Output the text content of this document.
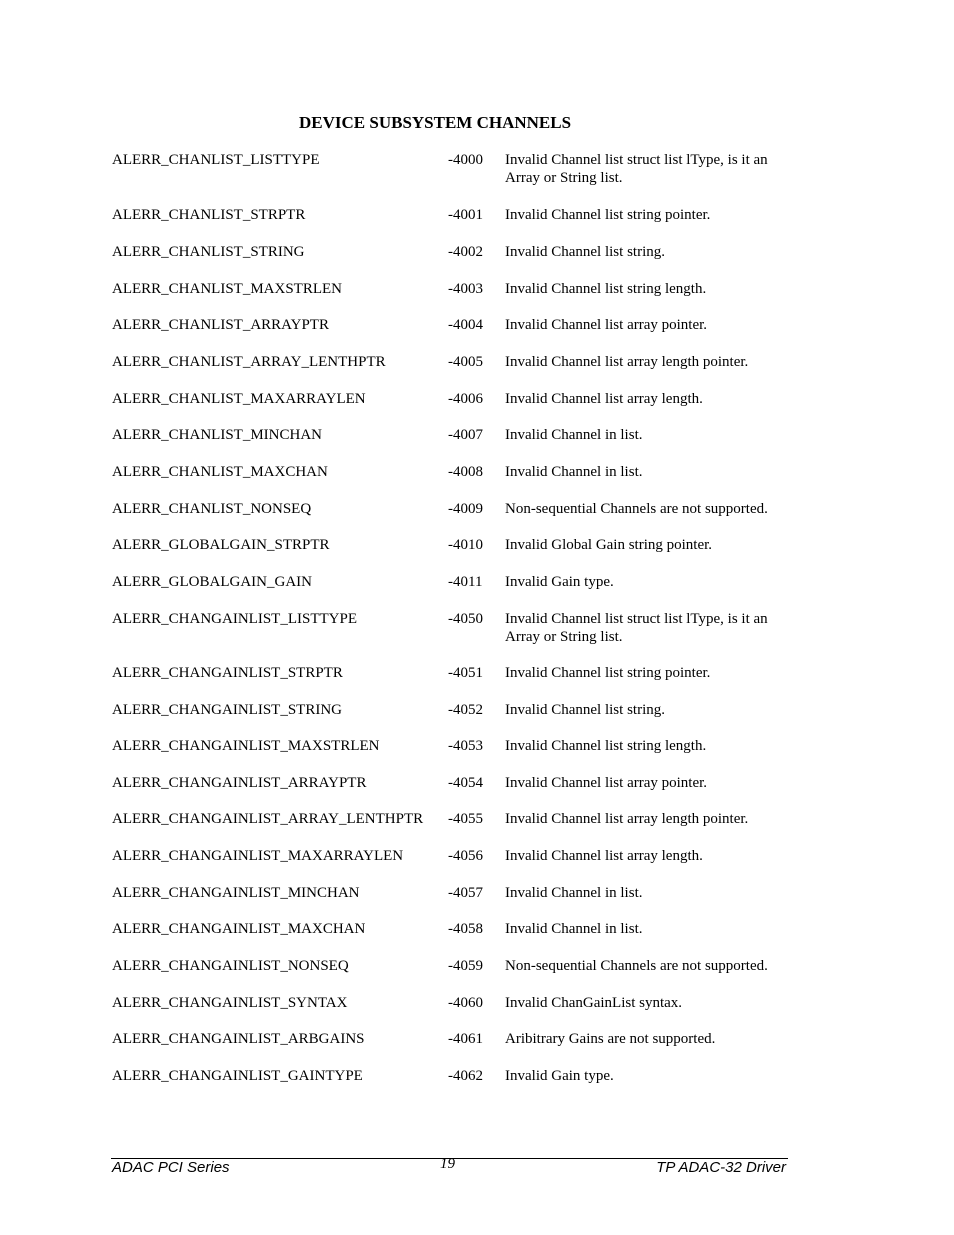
DEVICE SUBSYSTEM CHANNELS
ALERR_CHANLIST_LISTTYPE	-4000 Invalid Channel list struct list lType, is it an Array or String list.
ALERR_CHANLIST_STRPTR	-4001 Invalid Channel list string pointer.
ALERR_CHANLIST_STRING	-4002 Invalid Channel list string.
ALERR_CHANLIST_MAXSTRLEN	-4003 Invalid Channel list string length.
ALERR_CHANLIST_ARRAYPTR	-4004 Invalid Channel list array pointer.
ALERR_CHANLIST_ARRAY_LENTHPTR	-4005 Invalid Channel list array length pointer.
ALERR_CHANLIST_MAXARRAYLEN	-4006 Invalid Channel list array length.
ALERR_CHANLIST_MINCHAN	-4007 Invalid Channel in list.
ALERR_CHANLIST_MAXCHAN	-4008 Invalid Channel in list.
ALERR_CHANLIST_NONSEQ	-4009 Non-sequential Channels are not supported.
ALERR_GLOBALGAIN_STRPTR	-4010 Invalid Global Gain string pointer.
ALERR_GLOBALGAIN_GAIN	-4011 Invalid Gain type.
ALERR_CHANGAINLIST_LISTTYPE	-4050 Invalid Channel list struct list lType, is it an Array or String list.
ALERR_CHANGAINLIST_STRPTR	-4051 Invalid Channel list string pointer.
ALERR_CHANGAINLIST_STRING	-4052 Invalid Channel list string.
ALERR_CHANGAINLIST_MAXSTRLEN	-4053 Invalid Channel list string length.
ALERR_CHANGAINLIST_ARRAYPTR	-4054 Invalid Channel list array pointer.
ALERR_CHANGAINLIST_ARRAY_LENTHPTR -4055 Invalid Channel list array length pointer.
ALERR_CHANGAINLIST_MAXARRAYLEN	-4056 Invalid Channel list array length.
ALERR_CHANGAINLIST_MINCHAN	-4057 Invalid Channel in list.
ALERR_CHANGAINLIST_MAXCHAN	-4058 Invalid Channel in list.
ALERR_CHANGAINLIST_NONSEQ	-4059 Non-sequential Channels are not supported.
ALERR_CHANGAINLIST_SYNTAX	-4060 Invalid ChanGainList syntax.
ALERR_CHANGAINLIST_ARBGAINS	-4061 Aribitrary Gains are not supported.
ALERR_CHANGAINLIST_GAINTYPE	-4062 Invalid Gain type.
ADAC PCI Series	19	TP ADAC-32 Driver
